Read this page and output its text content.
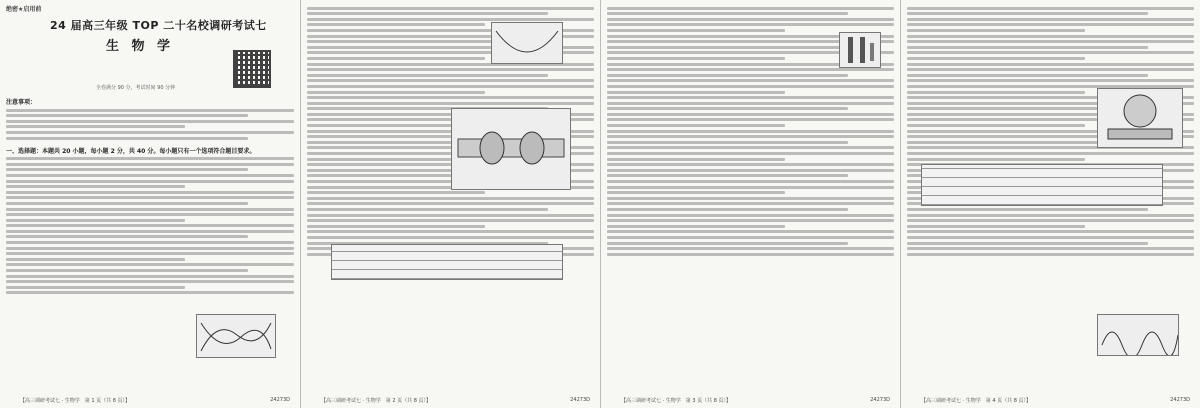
绝密★启用前
24 届高三年级 TOP 二十名校调研考试七
生 物 学
全卷满分 90 分，考试时间 90 分钟
注意事项：
一、选择题：本题共 20 小题，每小题 2 分，共 40 分。每小题只有一个选项符合题目要求。
【高三调研考试七 · 生物学　第 1 页（共 8 页）】	24273D	【高三调研考试七 · 生物学　第 2 页（共 8 页）】	24273D	【高三调研考试七 · 生物学　第 3 页（共 8 页）】	24273D	【高三调研考试七 · 生物学　第 4 页（共 8 页）】	24273D
